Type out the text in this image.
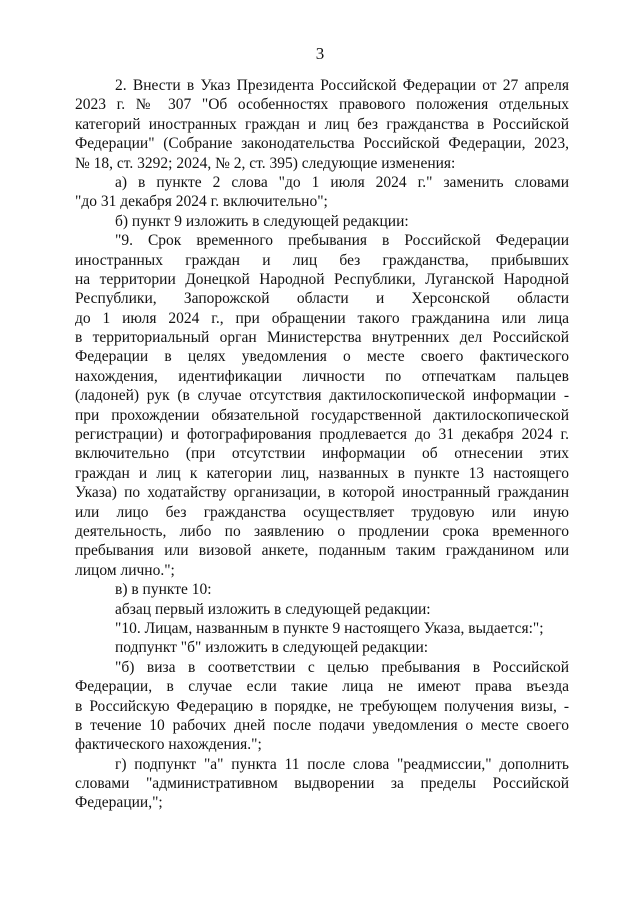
3
2. Внести в Указ Президента Российской Федерации от 27 апреля
2023 г. № 307 "Об особенностях правового положения отдельных
категорий иностранных граждан и лиц без гражданства в Российской
Федерации" (Собрание законодательства Российской Федерации, 2023,
№ 18, ст. 3292; 2024, № 2, ст. 395) следующие изменения:
а) в пункте 2 слова "до 1 июля 2024 г." заменить словами
"до 31 декабря 2024 г. включительно";
б) пункт 9 изложить в следующей редакции:
"9. Срок временного пребывания в Российской Федерации
иностранных граждан и лиц без гражданства, прибывших
на территории Донецкой Народной Республики, Луганской Народной
Республики, Запорожской области и Херсонской области
до 1 июля 2024 г., при обращении такого гражданина или лица
в территориальный орган Министерства внутренних дел Российской
Федерации в целях уведомления о месте своего фактического
нахождения, идентификации личности по отпечаткам пальцев
(ладоней) рук (в случае отсутствия дактилоскопической информации -
при прохождении обязательной государственной дактилоскопической
регистрации) и фотографирования продлевается до 31 декабря 2024 г.
включительно (при отсутствии информации об отнесении этих
граждан и лиц к категории лиц, названных в пункте 13 настоящего
Указа) по ходатайству организации, в которой иностранный гражданин
или лицо без гражданства осуществляет трудовую или иную
деятельность, либо по заявлению о продлении срока временного
пребывания или визовой анкете, поданным таким гражданином или
лицом лично.";
в) в пункте 10:
абзац первый изложить в следующей редакции:
"10. Лицам, названным в пункте 9 настоящего Указа, выдается:";
подпункт "б" изложить в следующей редакции:
"б) виза в соответствии с целью пребывания в Российской
Федерации, в случае если такие лица не имеют права въезда
в Российскую Федерацию в порядке, не требующем получения визы, -
в течение 10 рабочих дней после подачи уведомления о месте своего
фактического нахождения.";
г) подпункт "а" пункта 11 после слова "реадмиссии," дополнить
словами "административном выдворении за пределы Российской
Федерации,";
